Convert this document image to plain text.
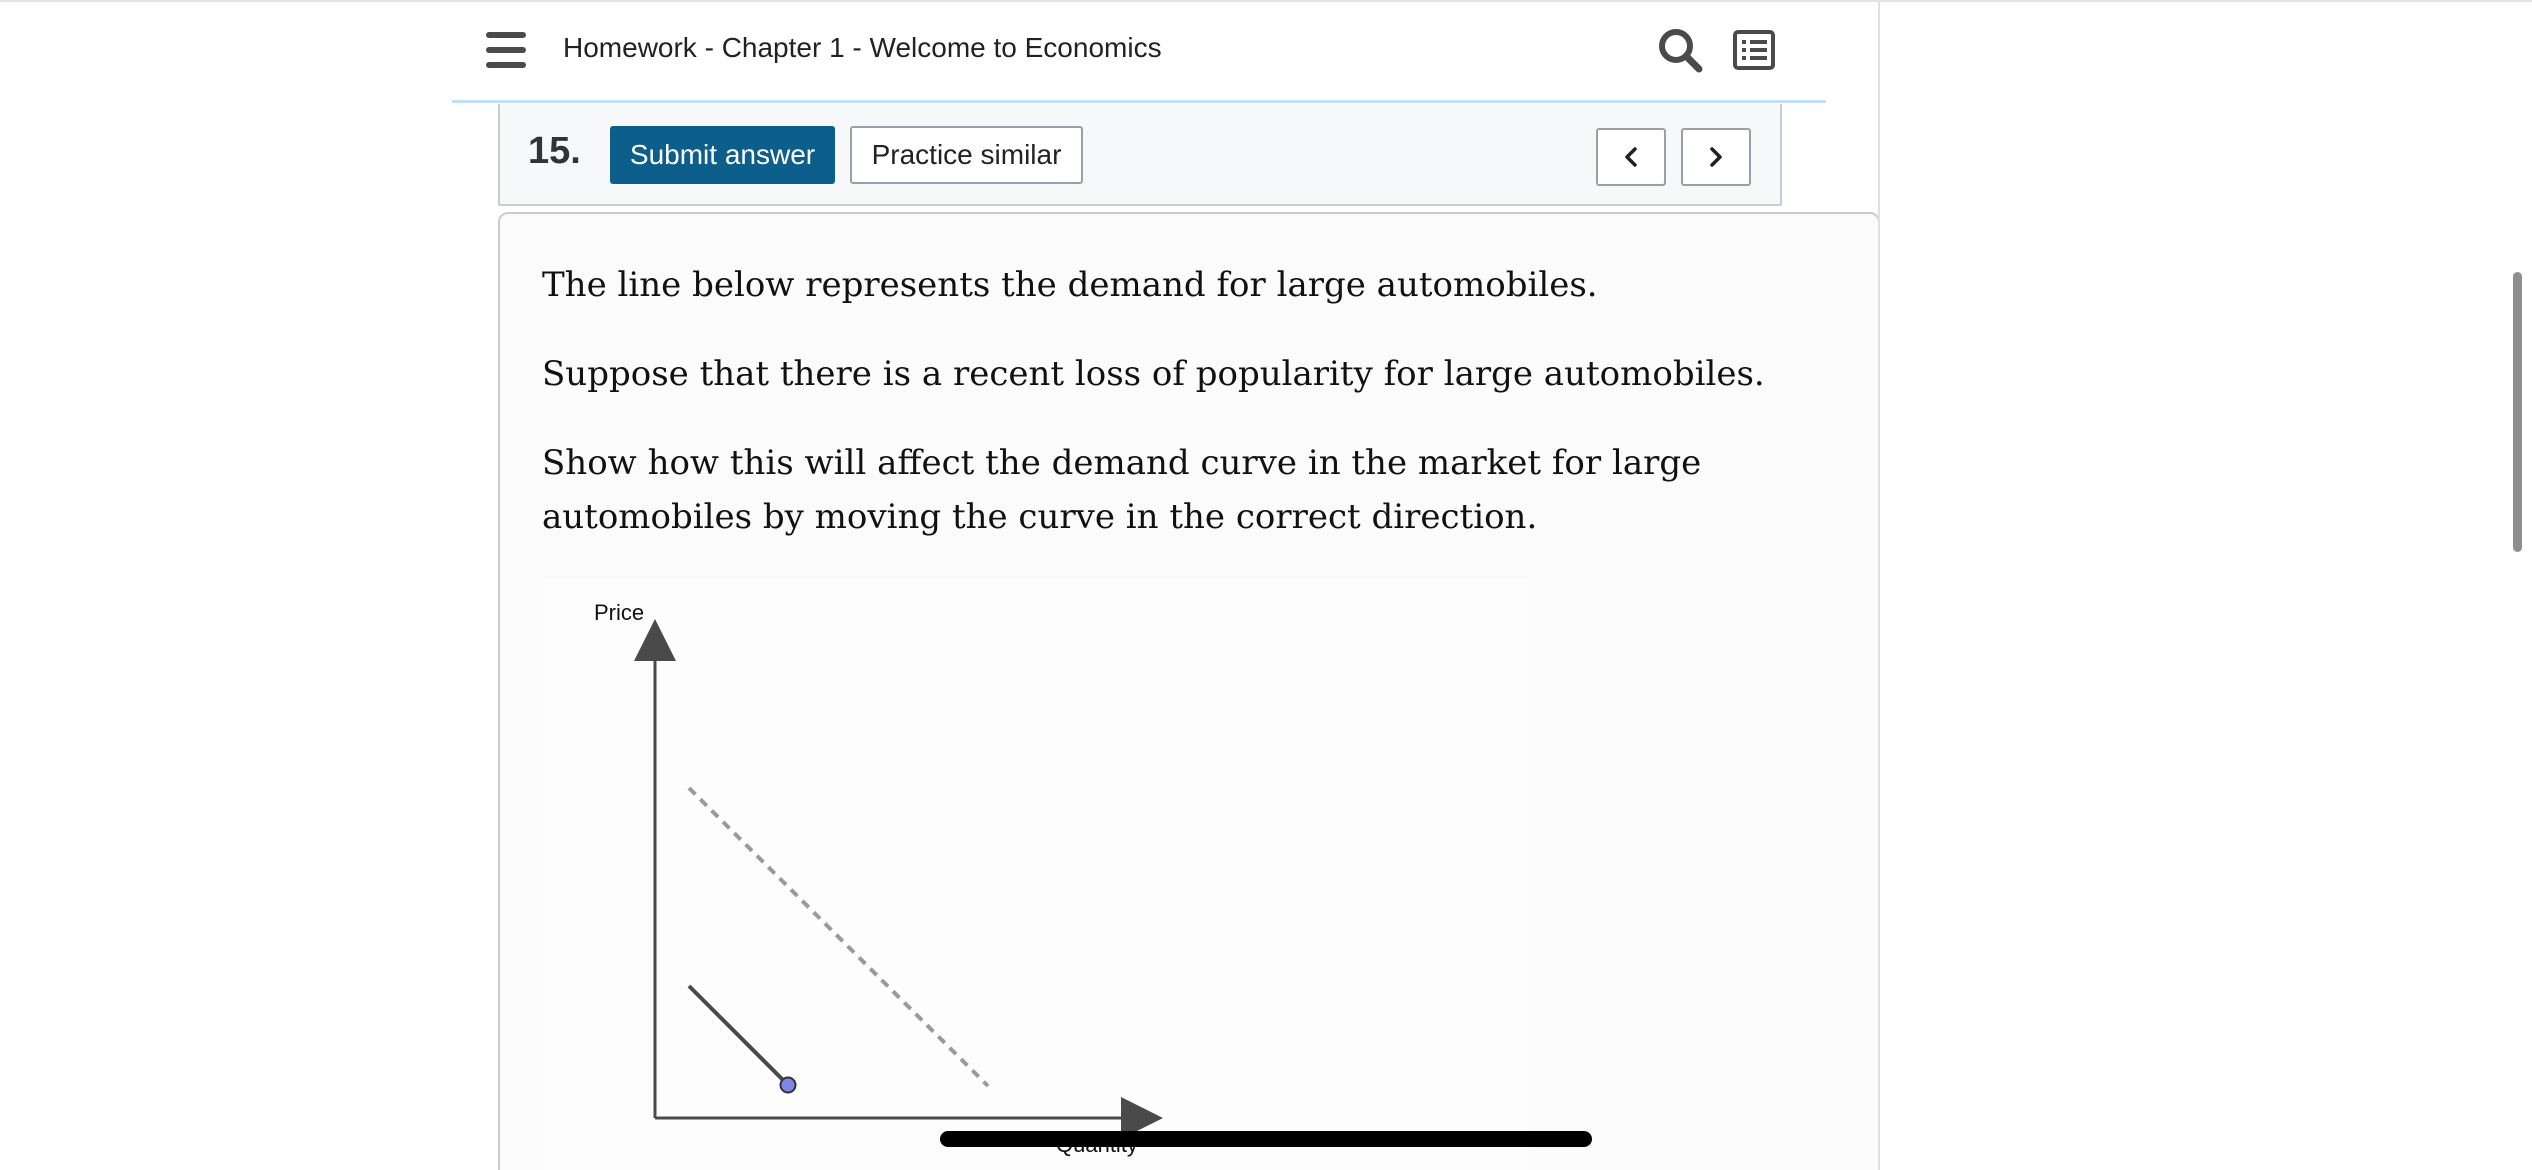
Homework - Chapter 1 - Welcome to Economics
15.	Submit answer	Practice similar

The line below represents the demand for large automobiles.

Suppose that there is a recent loss of popularity for large automobiles.

Show how this will affect the demand curve in the market for large automobiles by moving the curve in the correct direction.

Price
